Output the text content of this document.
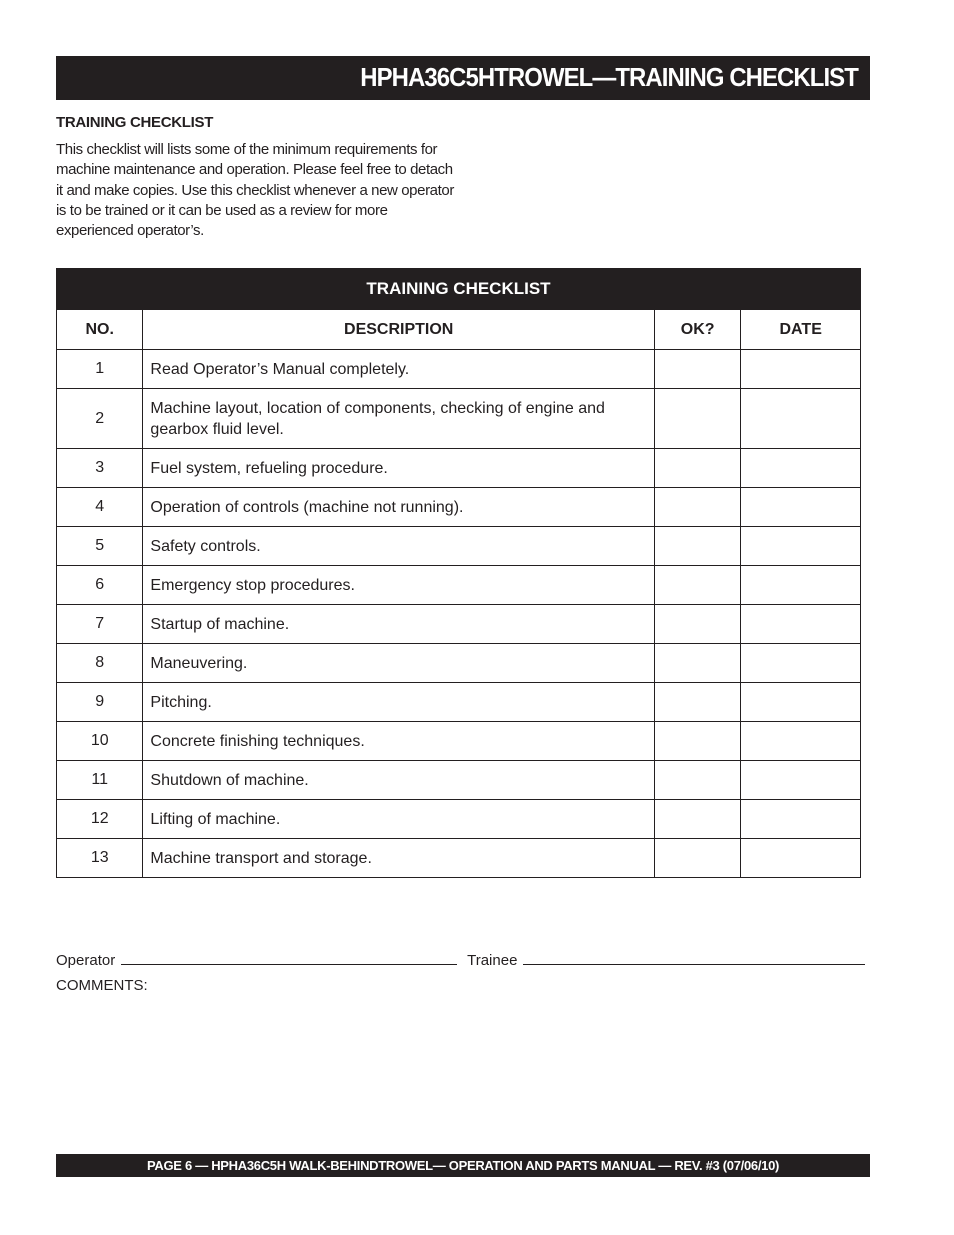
HPHA36C5HTROWEL—TRAINING CHECKLIST
TRAINING CHECKLIST

This checklist will lists some of the minimum requirements for machine maintenance and operation. Please feel free to detach it and make copies. Use this checklist whenever a new operator is to be trained or it can be used as a review for more experienced operator’s.

TRAINING CHECKLIST			
NO.	DESCRIPTION	OK?	DATE
1	Read Operator’s Manual completely.		
2	Machine layout, location of components, checking of engine and gearbox fluid level.		
3	Fuel system, refueling procedure.		
4	Operation of controls (machine not running).		
5	Safety controls.		
6	Emergency stop procedures.		
7	Startup of machine.		
8	Maneuvering.		
9	Pitching.		
10	Concrete finishing techniques.		
11	Shutdown of machine.		
12	Lifting of machine.		
13	Machine transport and storage.		
Operator	Trainee
COMMENTS:
PAGE 6 — HPHA36C5H WALK-BEHINDTROWEL— OPERATION AND PARTS MANUAL — REV. #3 (07/06/10)
